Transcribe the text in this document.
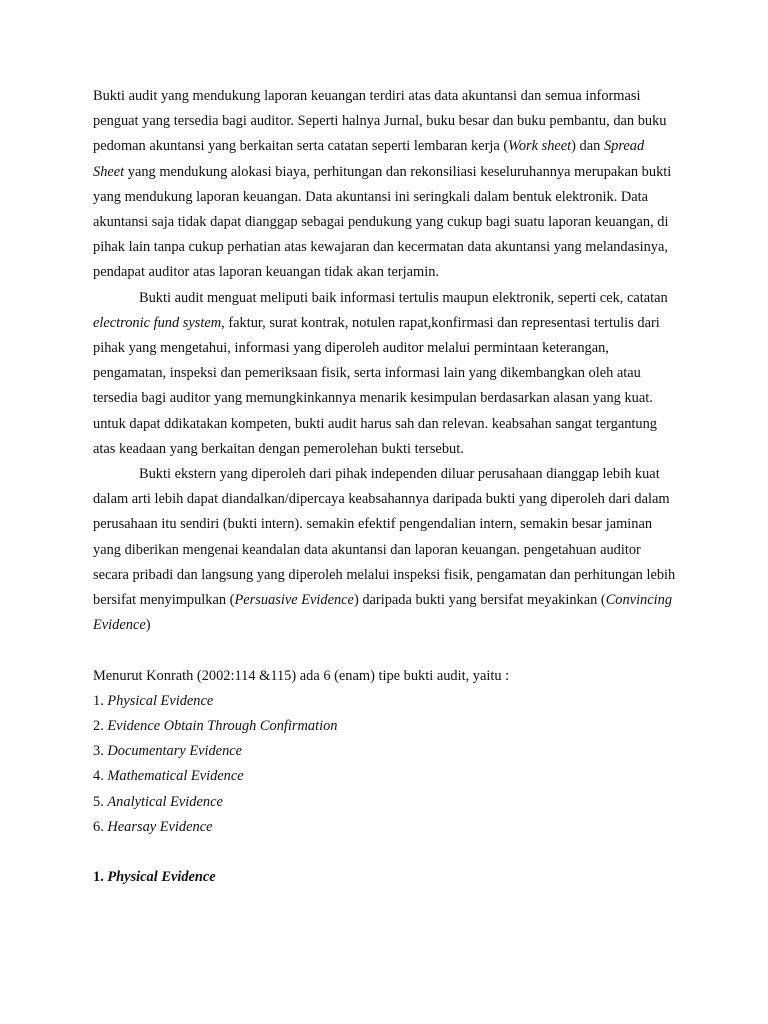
Bukti audit yang mendukung laporan keuangan terdiri atas data akuntansi dan semua informasi penguat yang tersedia bagi auditor. Seperti halnya Jurnal, buku besar dan buku pembantu, dan buku pedoman akuntansi yang berkaitan serta catatan seperti lembaran kerja (Work sheet) dan Spread Sheet yang mendukung alokasi biaya, perhitungan dan rekonsiliasi keseluruhannya merupakan bukti yang mendukung laporan keuangan. Data akuntansi ini seringkali dalam bentuk elektronik. Data akuntansi saja tidak dapat dianggap sebagai pendukung yang cukup bagi suatu laporan keuangan, di pihak lain tanpa cukup perhatian atas kewajaran dan kecermatan data akuntansi yang melandasinya, pendapat auditor atas laporan keuangan tidak akan terjamin.

Bukti audit menguat meliputi baik informasi tertulis maupun elektronik, seperti cek, catatan electronic fund system, faktur, surat kontrak, notulen rapat,konfirmasi dan representasi tertulis dari pihak yang mengetahui, informasi yang diperoleh auditor melalui permintaan keterangan, pengamatan, inspeksi dan pemeriksaan fisik, serta informasi lain yang dikembangkan oleh atau tersedia bagi auditor yang memungkinkannya menarik kesimpulan berdasarkan alasan yang kuat.

untuk dapat ddikatakan kompeten, bukti audit harus sah dan relevan. keabsahan sangat tergantung atas keadaan yang berkaitan dengan pemerolehan bukti tersebut.

Bukti ekstern yang diperoleh dari pihak independen diluar perusahaan dianggap lebih kuat dalam arti lebih dapat diandalkan/dipercaya keabsahannya daripada bukti yang diperoleh dari dalam perusahaan itu sendiri (bukti intern). semakin efektif pengendalian intern, semakin besar jaminan yang diberikan mengenai keandalan data akuntansi dan laporan keuangan. pengetahuan auditor secara pribadi dan langsung yang diperoleh melalui inspeksi fisik, pengamatan dan perhitungan lebih bersifat menyimpulkan (Persuasive Evidence) daripada bukti yang bersifat meyakinkan (Convincing Evidence)

Menurut Konrath (2002:114 &115) ada 6 (enam) tipe bukti audit, yaitu :

1. Physical Evidence
2. Evidence Obtain Through Confirmation
3. Documentary Evidence
4. Mathematical Evidence
5. Analytical Evidence
6. Hearsay Evidence

1. Physical Evidence
